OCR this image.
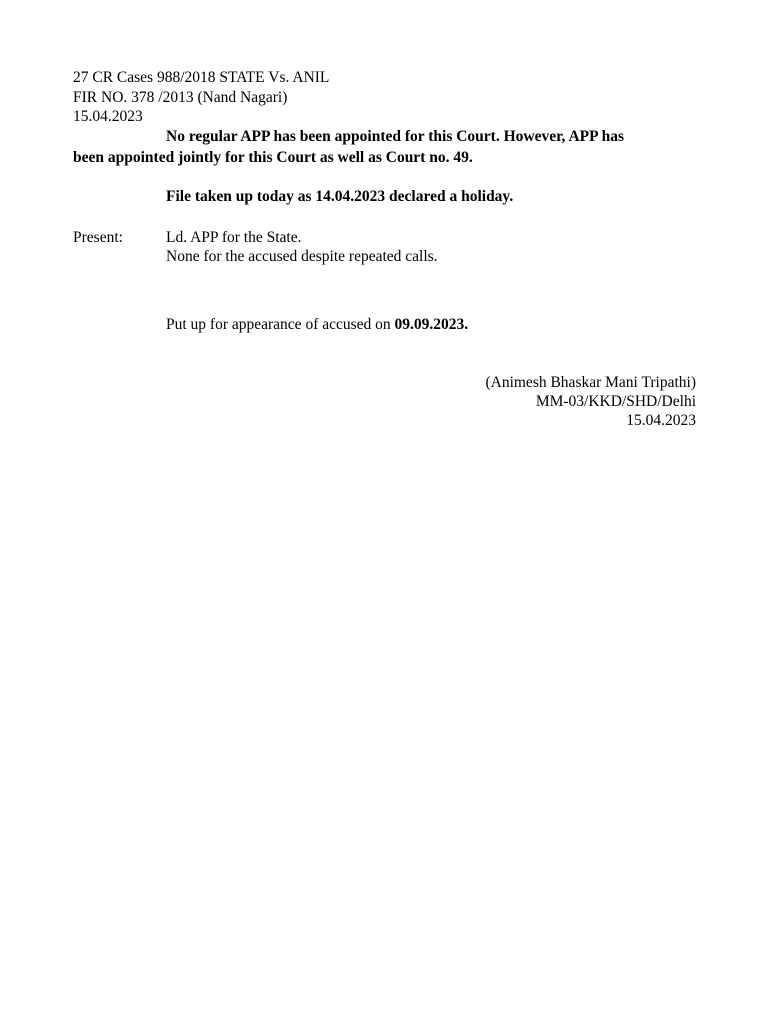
27 CR Cases 988/2018 STATE Vs. ANIL
FIR NO. 378 /2013 (Nand Nagari)
15.04.2023
No regular APP has been appointed for this Court. However, APP has
been appointed jointly for this Court as well as Court no. 49.
File taken up today as 14.04.2023 declared a holiday.
Present:	Ld. APP for the State.
None for the accused despite repeated calls.
Put up for appearance of accused on 09.09.2023.
(Animesh Bhaskar Mani Tripathi)
MM-03/KKD/SHD/Delhi
15.04.2023
